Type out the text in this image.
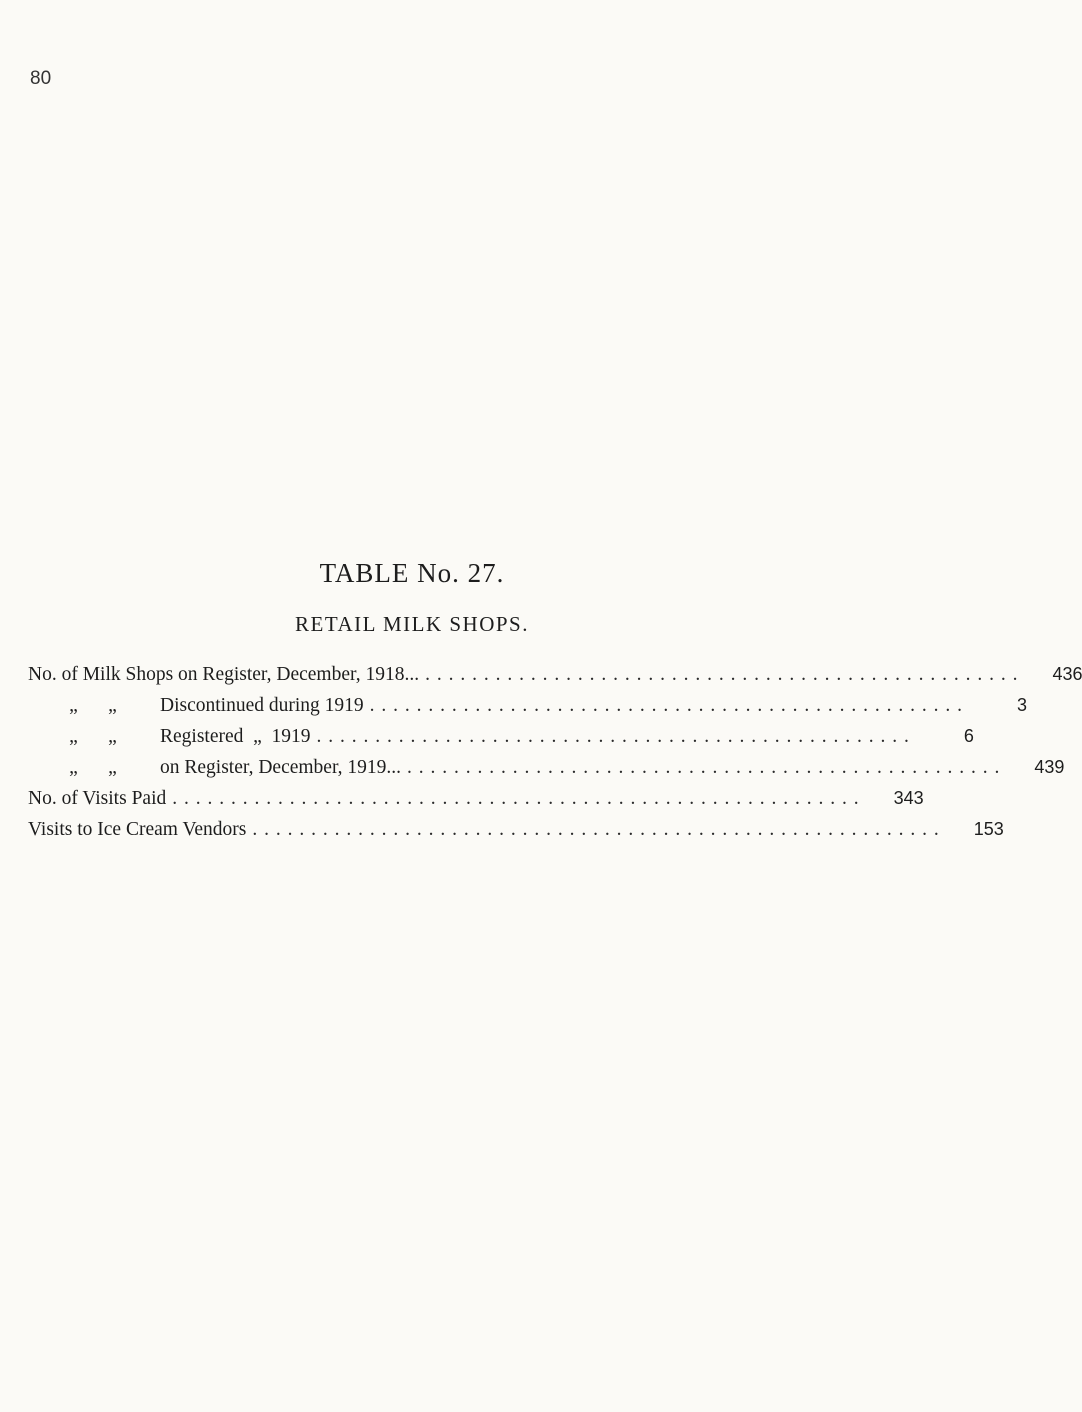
80
TABLE No. 27.
RETAIL MILK SHOPS.
No. of Milk Shops on Register, December, 1918... . . . . . . . . . . . . . . . . . . . . . . . . . . . . . . . . . . . . . . . . . . . . . . . . . . .	436
„	„	Discontinued during 1919 . . . . . . . . . . . . . . . . . . . . . . . . . . . . . . . . . . . . . . . . . . . . . . . . . . .	3
„	„	Registered  „  1919 . . . . . . . . . . . . . . . . . . . . . . . . . . . . . . . . . . . . . . . . . . . . . . . . . . .	6
„	„	on Register, December, 1919... . . . . . . . . . . . . . . . . . . . . . . . . . . . . . . . . . . . . . . . . . . . . . . . . . . .	439
No. of Visits Paid . . . . . . . . . . . . . . . . . . . . . . . . . . . . . . . . . . . . . . . . . . . . . . . . . . . . . . . . . . .	343
Visits to Ice Cream Vendors . . . . . . . . . . . . . . . . . . . . . . . . . . . . . . . . . . . . . . . . . . . . . . . . . . . . . . . . . . .	153
